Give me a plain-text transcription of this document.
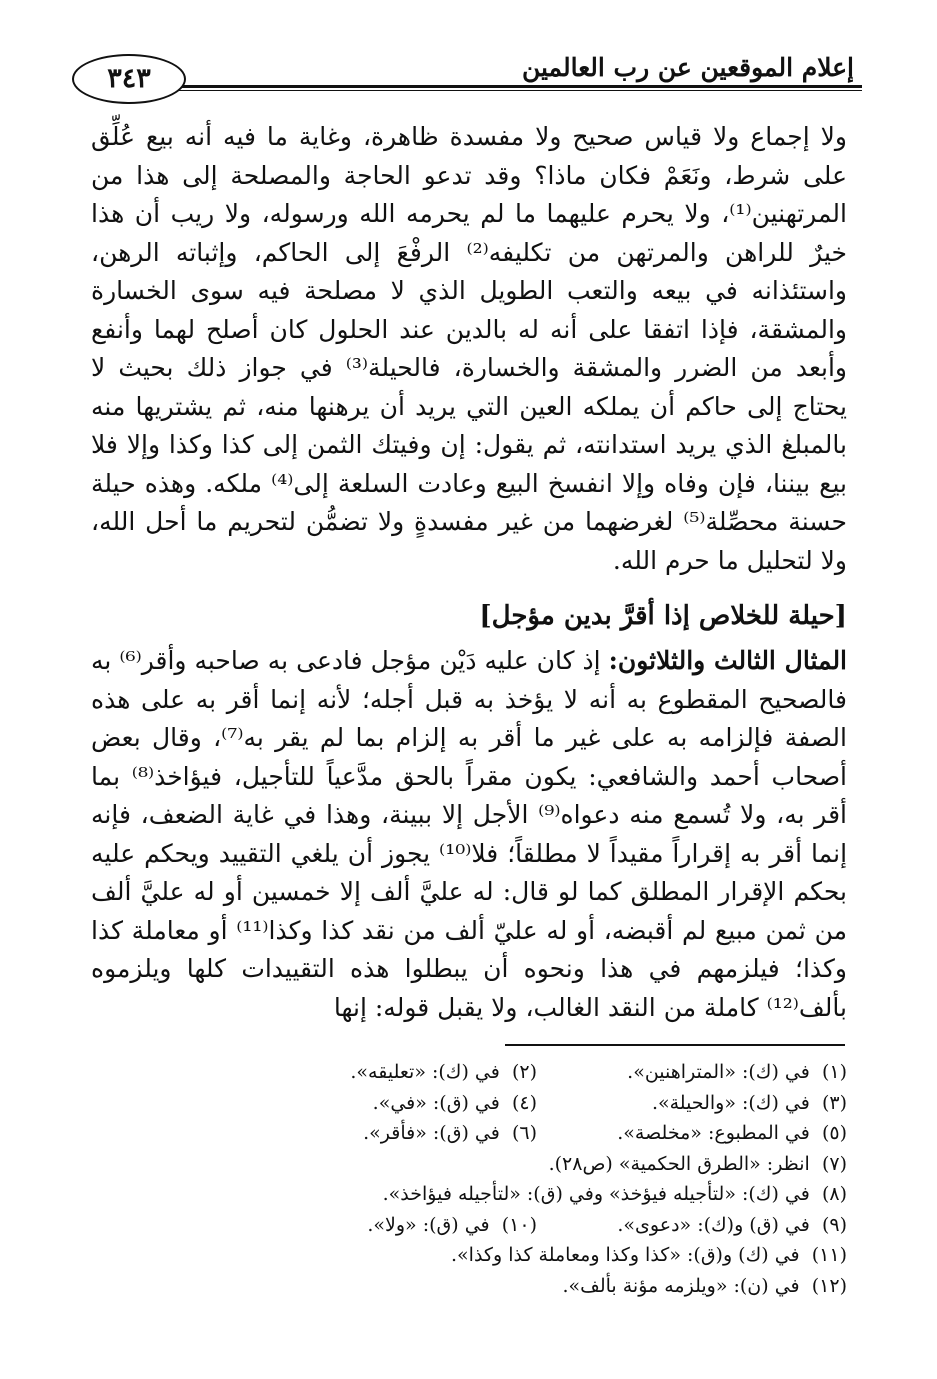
إعلام الموقعين عن رب العالمين
٣٤٣

ولا إجماع ولا قياس صحيح ولا مفسدة ظاهرة، وغاية ما فيه أنه بيع عُلِّق على شرط، ونَعَمْ فكان ماذا؟ وقد تدعو الحاجة والمصلحة إلى هذا من المرتهنين⁽¹⁾، ولا يحرم عليهما ما لم يحرمه الله ورسوله، ولا ريب أن هذا خيرٌ للراهن والمرتهن من تكليفه⁽²⁾ الرفْعَ إلى الحاكم، وإثباته الرهن، واستئذانه في بيعه والتعب الطويل الذي لا مصلحة فيه سوى الخسارة والمشقة، فإذا اتفقا على أنه له بالدين عند الحلول كان أصلح لهما وأنفع وأبعد من الضرر والمشقة والخسارة، فالحيلة⁽³⁾ في جواز ذلك بحيث لا يحتاج إلى حاكم أن يملكه العين التي يريد أن يرهنها منه، ثم يشتريها منه بالمبلغ الذي يريد استدانته، ثم يقول: إن وفيتك الثمن إلى كذا وكذا وإلا فلا بيع بيننا، فإن وفاه وإلا انفسخ البيع وعادت السلعة إلى⁽⁴⁾ ملكه. وهذه حيلة حسنة محصِّلة⁽⁵⁾ لغرضهما من غير مفسدةٍ ولا تضمُّن لتحريم ما أحل الله، ولا لتحليل ما حرم الله.

[حيلة للخلاص إذا أقرَّ بدين مؤجل]

المثال الثالث والثلاثون: إذ كان عليه دَيْن مؤجل فادعى به صاحبه وأقر⁽⁶⁾ به فالصحيح المقطوع به أنه لا يؤخذ به قبل أجله؛ لأنه إنما أقر به على هذه الصفة فإلزامه به على غير ما أقر به إلزام بما لم يقر به⁽⁷⁾، وقال بعض أصحاب أحمد والشافعي: يكون مقراً بالحق مدَّعياً للتأجيل، فيؤاخذ⁽⁸⁾ بما أقر به، ولا تُسمع منه دعواه⁽⁹⁾ الأجل إلا ببينة، وهذا في غاية الضعف، فإنه إنما أقر به إقراراً مقيداً لا مطلقاً؛ فلا⁽¹⁰⁾ يجوز أن يلغي التقييد ويحكم عليه بحكم الإقرار المطلق كما لو قال: له عليَّ ألف إلا خمسين أو له عليَّ ألف من ثمن مبيع لم أقبضه، أو له عليّ ألف من نقد كذا وكذا⁽¹¹⁾ أو معاملة كذا وكذا؛ فيلزمهم في هذا ونحوه أن يبطلوا هذه التقييدات كلها ويلزموه بألف⁽¹²⁾ كاملة من النقد الغالب، ولا يقبل قوله: إنها

(١)  في (ك): «المتراهنين».
(٢)  في (ك): «تعليقه».
(٣)  في (ك): «والحيلة».
(٤)  في (ق): «في».
(٥)  في المطبوع: «مخلصة».
(٦)  في (ق): «فأقر».
(٧)  انظر: «الطرق الحكمية» (ص٢٨).
(٨)  في (ك): «لتأجيله فيؤخذ» وفي (ق): «لتأجيله فيؤاخذ».
(٩)  في (ق) و(ك): «دعوى».
(١٠)  في (ق): «ولا».
(١١)  في (ك) و(ق): «كذا وكذا ومعاملة كذا وكذا».
(١٢)  في (ن): «ويلزمه مؤنة بألف».
